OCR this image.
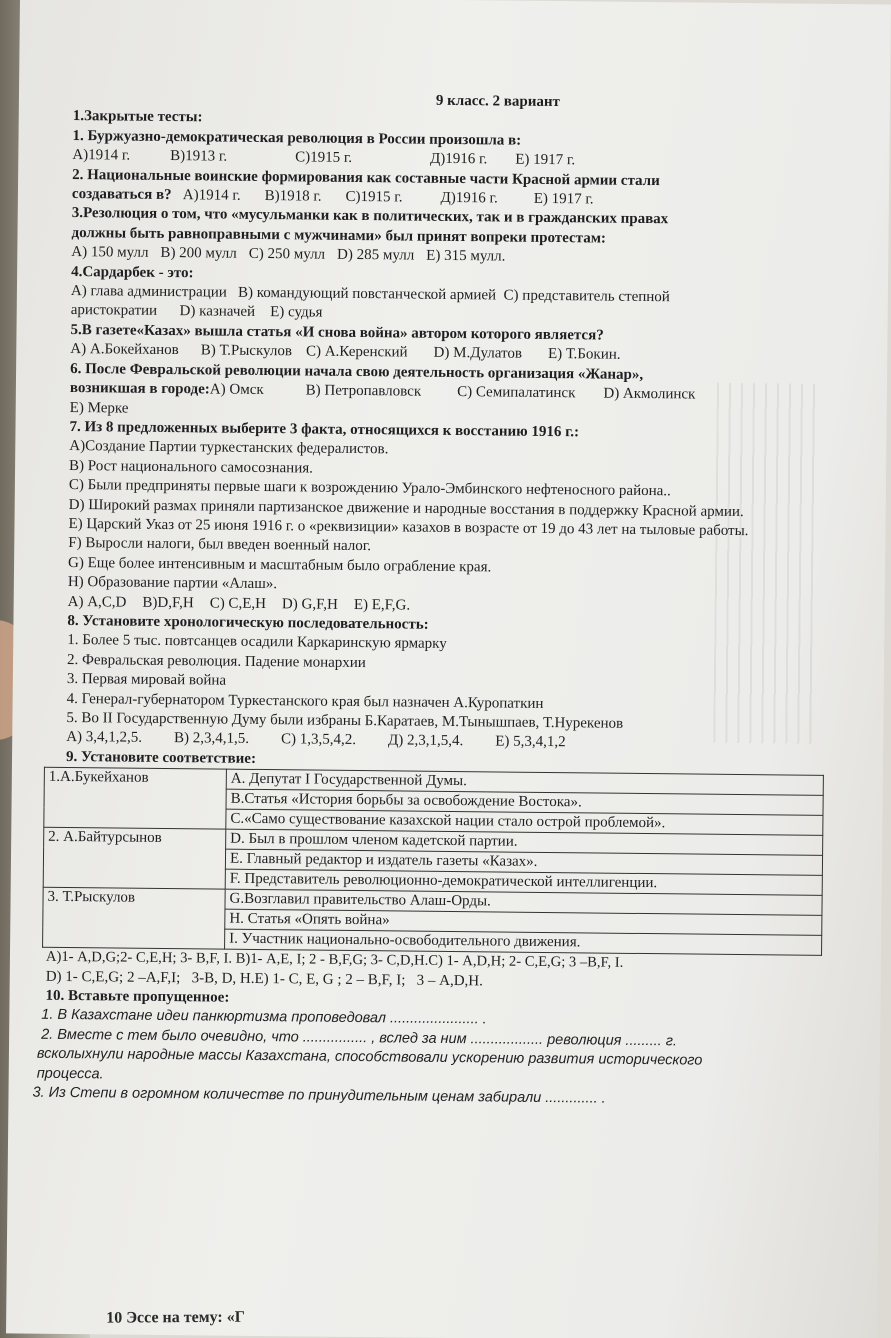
9 класс. 2 вариант

1.Закрытые тесты:

1. Буржуазно-демократическая революция в России произошла в:

А)1914 г.	В)1913 г.	С)1915 г.	Д)1916 г. Е) 1917 г.

2. Национальные воинские формирования как составные части Красной армии стали

создаваться в? А)1914 г. В)1918 г. С)1915 г.	Д)1916 г. Е) 1917 г.

3.Резолюция о том, что «мусульманки как в политических, так и в гражданских правах

должны быть равноправными с мужчинами» был принят вопреки протестам:

А) 150 мулл В) 200 мулл С) 250 мулл D) 285 мулл Е) 315 мулл.

4.Сардарбек - это:

А) глава администрации   В) командующий повстанческой армией  С) представитель степной

аристократии      D) казначей    Е) судья

5.В газете«Казах» вышла статья «И снова война» автором которого является?

А) А.Бокейханов В) Т.Рыскулов С) А.Керенский D) М.Дулатов Е) Т.Бокин.

6. После Февральской революции начала свою деятельность организация «Жанар»,

возникшая в городе:А) Омск	В) Петропавловск С) Семипалатинск D) Акмолинск

Е) Мерке

7. Из 8 предложенных выберите 3 факта, относящихся к восстанию 1916 г.:

А)Создание Партии туркестанских федералистов.

В) Рост национального самосознания.

С) Были предприняты первые шаги к возрождению Урало-Эмбинского нефтеносного района..

D) Широкий размах приняли партизанское движение и народные восстания в поддержку Красной армии.

Е) Царский Указ от 25 июня 1916 г. о «реквизиции» казахов в возрасте от 19 до 43 лет на тыловые работы.

F) Выросли налоги, был введен военный налог.

G) Еще более интенсивным и масштабным было ограбление края.

Н) Образование партии «Алаш».

А) А,С,D В)D,F,Н С) С,Е,Н D) G,F,Н Е) Е,F,G.

8. Установите хронологическую последовательность:

1. Более 5 тыс. повтсанцев осадили Каркаринскую ярмарку

2. Февральская революция. Падение монархии

3. Первая мировай война

4. Генерал-губернатором Туркестанского края был назначен А.Куропаткин

5. Во II Государственную Думу были избраны Б.Каратаев, М.Тынышпаев, Т.Нурекенов

А) 3,4,1,2,5. В) 2,3,4,1,5. С) 1,3,5,4,2. Д) 2,3,1,5,4. Е) 5,3,4,1,2

9. Установите соответствие:

1.А.Букейханов	А. Депутат I Государственной Думы.
	В.Статья «История борьбы за освобождение Востока».
	С.«Само существование казахской нации стало острой проблемой».
2. А.Байтурсынов	D. Был в прошлом членом кадетской партии.
	Е. Главный редактор и издатель газеты «Казах».
	F. Представитель революционно-демократической интеллигенции.
3. Т.Рыскулов	G.Возглавил правительство Алаш-Орды.
	Н. Статья «Опять война»
	I. Участник национально-освободительного движения.

А)1- А,D,G;2- С,Е,Н; 3- В,F, I. В)1- А,Е, I; 2 - В,F,G; 3- С,D,Н.С) 1- А,D,Н; 2- С,Е,G; 3 –В,F, I.

D) 1- С,Е,G; 2 –А,F,I;   3-В, D, Н.Е) 1- С, Е, G ; 2 – В,F, I;   3 – А,D,Н.

10. Вставьте пропущенное:

1. В Казахстане идеи панкюртизма проповедовал ...................... .

2. Вместе с тем было очевидно, что ................ , вслед за ним .................. революция ......... г.

всколыхнули народные массы Казахстана, способствовали ускорению развития исторического

процесса.

3. Из Степи в огромном количестве по принудительным ценам забирали ............. .

10 Эссе на тему: «Г
